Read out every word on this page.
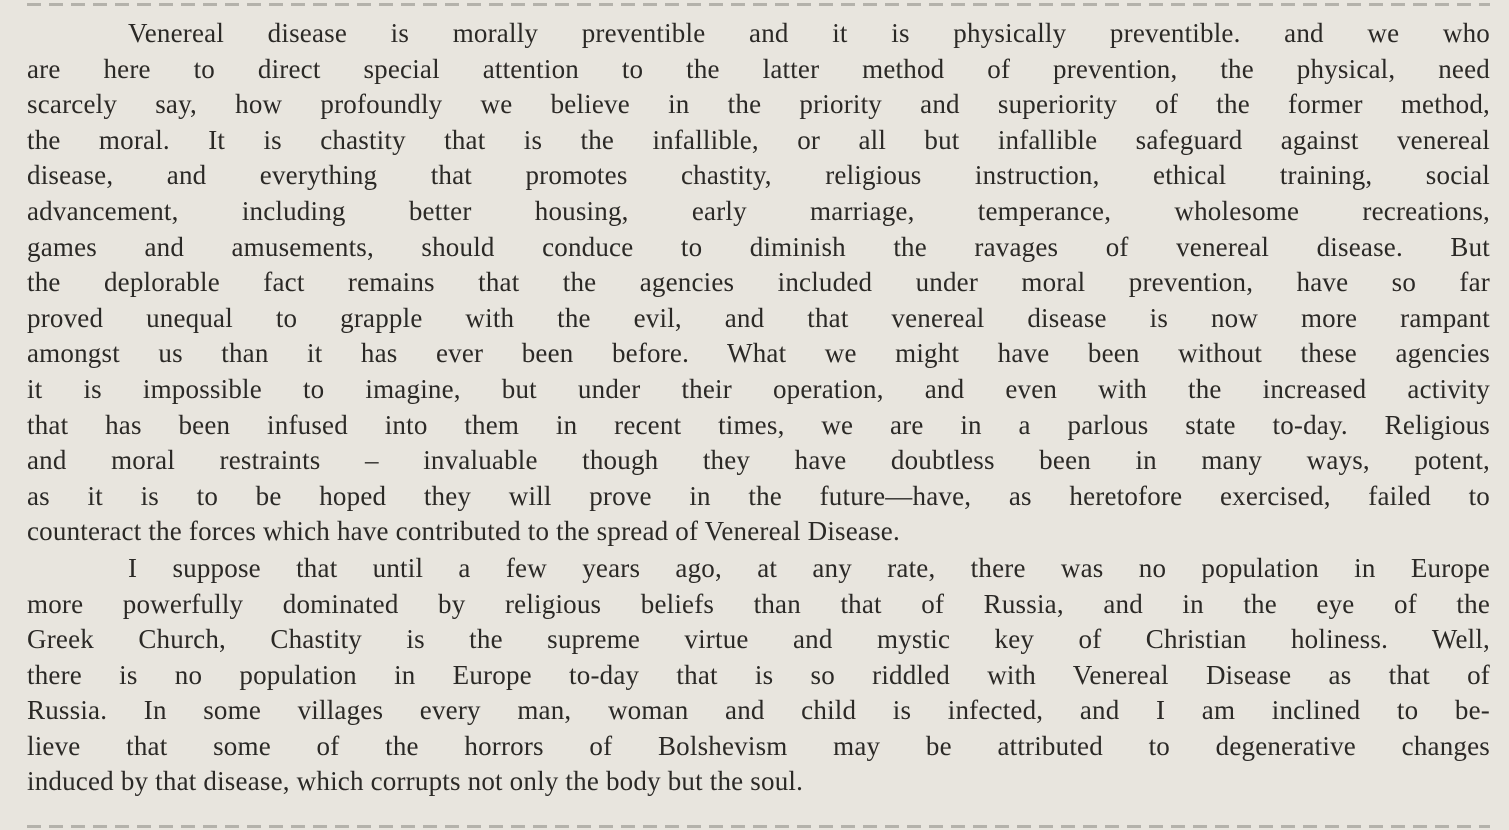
Venereal disease is morally preventible and it is physically preventible. and we who
are here to direct special attention to the latter method of prevention, the physical, need
scarcely say, how profoundly we believe in the priority and superiority of the former method,
the moral. It is chastity that is the infallible, or all but infallible safeguard against venereal
disease, and everything that promotes chastity, religious instruction, ethical training, social
advancement, including better housing, early marriage, temperance, wholesome recreations,
games and amusements, should conduce to diminish the ravages of venereal disease. But
the deplorable fact remains that the agencies included under moral prevention, have so far
proved unequal to grapple with the evil, and that venereal disease is now more rampant
amongst us than it has ever been before. What we might have been without these agencies
it is impossible to imagine, but under their operation, and even with the increased activity
that has been infused into them in recent times, we are in a parlous state to-day. Religious
and moral restraints – invaluable though they have doubtless been in many ways, potent,
as it is to be hoped they will prove in the future—have, as heretofore exercised, failed to
counteract the forces which have contributed to the spread of Venereal Disease.
I suppose that until a few years ago, at any rate, there was no population in Europe
more powerfully dominated by religious beliefs than that of Russia, and in the eye of the
Greek Church, Chastity is the supreme virtue and mystic key of Christian holiness. Well,
there is no population in Europe to-day that is so riddled with Venereal Disease as that of
Russia. In some villages every man, woman and child is infected, and I am inclined to be-
lieve that some of the horrors of Bolshevism may be attributed to degenerative changes
induced by that disease, which corrupts not only the body but the soul.
